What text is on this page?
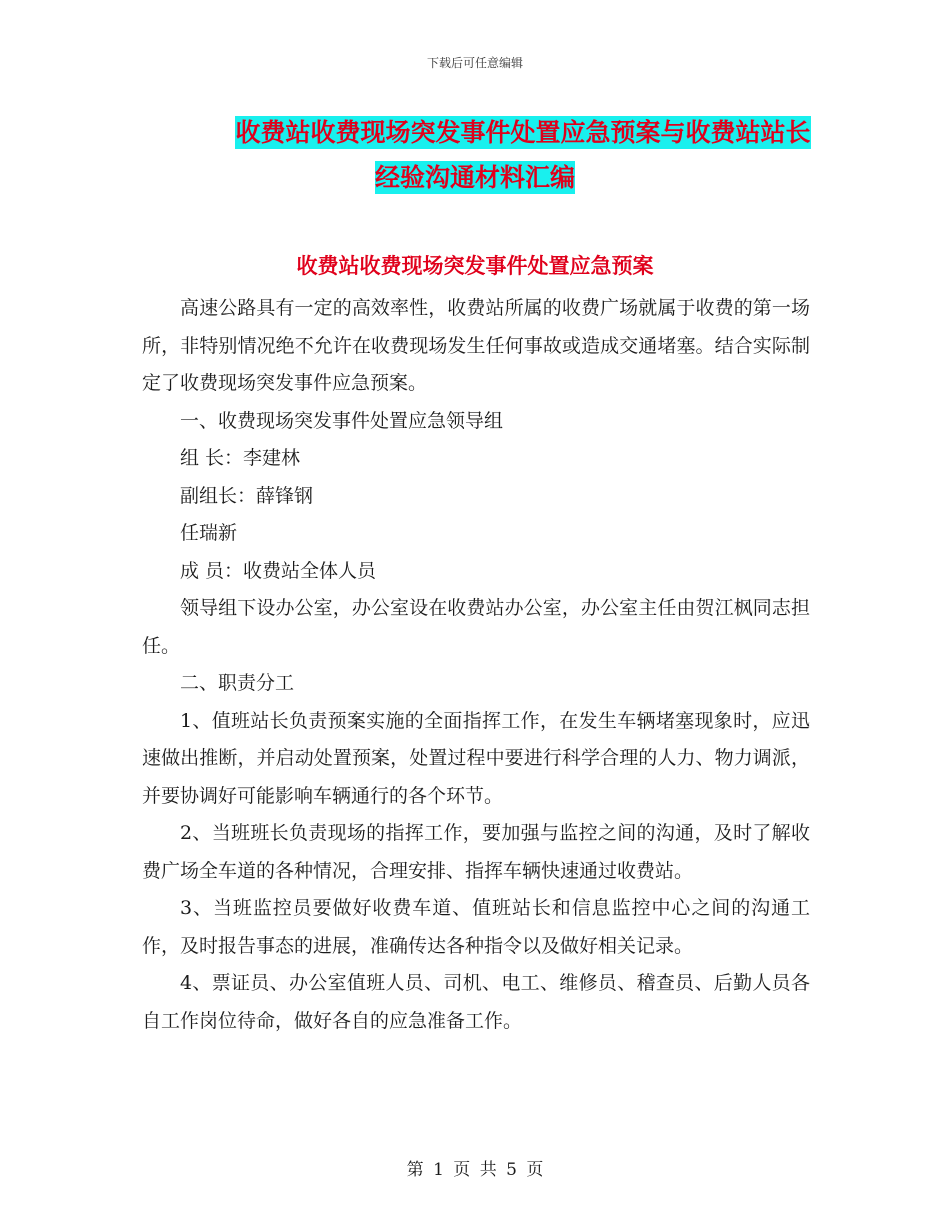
下载后可任意编辑
收费站收费现场突发事件处置应急预案与收费站站长
经验沟通材料汇编
收费站收费现场突发事件处置应急预案

高速公路具有一定的高效率性，收费站所属的收费广场就属于收费的第一场所，非特别情况绝不允许在收费现场发生任何事故或造成交通堵塞。结合实际制定了收费现场突发事件应急预案。

一、收费现场突发事件处置应急领导组

组 长：李建林

副组长：薛锋钢

任瑞新

成 员：收费站全体人员

领导组下设办公室，办公室设在收费站办公室，办公室主任由贺江枫同志担任。

二、职责分工

1、值班站长负责预案实施的全面指挥工作，在发生车辆堵塞现象时，应迅速做出推断，并启动处置预案，处置过程中要进行科学合理的人力、物力调派，并要协调好可能影响车辆通行的各个环节。

2、当班班长负责现场的指挥工作，要加强与监控之间的沟通，及时了解收费广场全车道的各种情况，合理安排、指挥车辆快速通过收费站。

3、当班监控员要做好收费车道、值班站长和信息监控中心之间的沟通工作，及时报告事态的进展，准确传达各种指令以及做好相关记录。

4、票证员、办公室值班人员、司机、电工、维修员、稽查员、后勤人员各自工作岗位待命，做好各自的应急准备工作。

第 1 页 共 5 页
